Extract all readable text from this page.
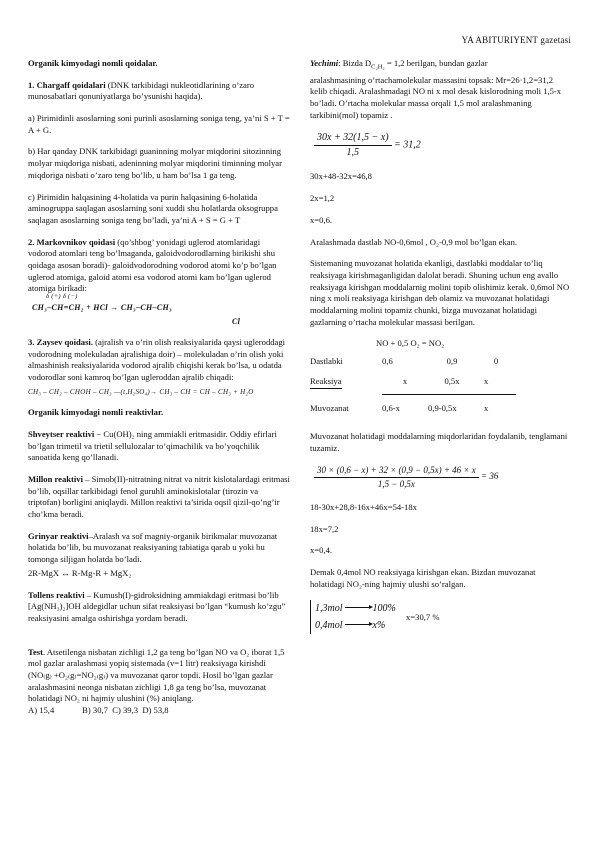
YA ABITURIYENT gazetasi

Organik kimyodagi nomli qoidalar.

1. Chargaff qoidalari (DNK tarkibidagi nukleotidlarining o’zaro munosabatlari qonuniyatlarga bo’ysunishi haqida).

a) Pirimidinli asoslarning soni purinli asoslarning soniga teng, ya’ni S + T = A + G.

b) Har qanday DNK tarkibidagi guaninning molyar miqdorini sitozinning molyar miqdoriga nisbati, adeninning molyar miqdorini timinning molyar miqdoriga nisbati o’zaro teng bo’lib, u ham bo’lsa 1 ga teng.

c) Pirimidin halqasining 4-holatida va purin halqasining 6-holatida aminogruppa saqlagan asoslarning soni xuddi shu holatlarda oksogruppa saqlagan asoslarning soniga teng bo’ladi, ya’ni A + S = G + T

2. Markovnikov qoidasi (qo’shbog’ yonidagi uglerod atomlaridagi vodorod atomlari teng bo’lmaganda, galoidvodorodlarning birikishi shu qoidaga asosan boradi)- galoidvodorodning vodorod atomi ko’p bo’lgan uglerod atomiga, galoid atomi esa vodorod atomi kam bo’lgan uglerod atomiga birikadi:

δ (+) δ (−)
CH₃–CH=CH₂ + HCl → CH₃–CH–CH₃
Cl

3. Zaysev qoidasi. (ajralish va o’rin olish reaksiyalarida qaysi ugleroddagi vodorodning molekuladan ajralishiga doir) – molekuladan o’rin olish yoki almashinish reaksiyalarida vodorod ajralib chiqishi kerak bo’lsa, u odatda vodorodlar soni kamroq bo’lgan ugleroddan ajralib chiqadi:

CH₃ – CH₂ – CHOH – CH₃ —(t,H₂SO₄)→ CH₃ – CH = CH – CH₃ + H₂O

Organik kimyodagi nomli reaktivlar.

Shveytser reaktivi − Cu(OH)₂ ning ammiakli eritmasidir. Oddiy efirlari bo’lgan trimetil va trietil sellulozalar to’qimachilik va bo’yoqchilik sanoatida keng qo’llanadi.

Millon reaktivi – Simob(II)-nitratning nitrat va nitrit kislotalardagi eritmasi bo’lib, oqsillar tarkibidagi fenol guruhli aminokislotalar (tirozin va triptofan) borligini aniqlaydi. Millon reaktivi ta’sirida oqsil qizil-qo’ng’ir cho’kma beradi.

Grinyar reaktivi–Aralash va sof magniy-organik birikmalar muvozanat holatida bo’lib, bu muvozanat reaksiyaning tabiatiga qarab u yoki bu tomonga siljigan holatda bo’ladi.

2R-MgX ↔ R-Mg-R + MgX₂

Tollens reaktivi – Kumush(I)-gidroksidning ammiakdagi eritmasi bo’lib [Ag(NH₃)₂]OH aldegidlar uchun sifat reaksiyasi bo’lgan “kumush ko’zgu” reaksiyasini amalga oshirishga yordam beradi.

Test. Atsetilenga nisbatan zichligi 1,2 ga teng bo’lgan NO va O₂ iborat 1,5 mol gazlar aralashmasi yopiq sistemada (v=1 litr) reaksiyaga kirishdi (NO₍g₎ +O₂₍g₎=NO₂₍g₎) va muvozanat qaror topdi. Hosil bo’lgan gazlar aralashmasini neonga nisbatan zichligi 1,8 ga teng bo’lsa, muvozanat holatidagi NO₂ ni hajmiy ulushini (%) aniqlang.

A) 15,4             B) 30,7  C) 39,3  D) 53,8

Yechimi: Bizda $D_{C_2H_2} = 1,2$ berilgan, bundan gazlar

aralashmasining o’rtachamolekular massasini topsak: Mr=26·1,2=31,2 kelib chiqadi. Aralashmadagi NO ni x mol desak kislorodning moli 1,5-x bo’ladi. O’rtacha molekular massa orqali 1,5 mol aralashmaning tarkibini(mol) topamiz .

$\frac{30x + 32(1,5 - x)}{1,5} = 31,2$

30x+48-32x=46,8

2x=1,2

x=0,6.

Aralashmada dastlab NO-0,6mol , O₂-0,9 mol bo’lgan ekan.

Sistemaning muvozanat holatida ekanligi, dastlabki moddalar to’liq reaksiyaga kirishmaganligidan dalolat beradi. Shuning uchun eng avallo reaksiyaga kirishgan moddalarnig molini topib olishimiz kerak. 0,6mol NO ning x moli reaksiyaga kirishgan deb olamiz va muvozanat holatidagi moddalarning molini topamiz chunki, bizga muvozanat holatidagi gazlarning o’rtacha molekular massasi berilgan.

NO + 0,5 O₂ = NO₂

Dastlabki	0,6	0,9	0
Reaksiya	x	0,5x	x
Muvozanat	0,6-x	0,9-0,5x	x

Muvozanat holatidagi moddalarning miqdorlaridan foydalanib, tenglamani tuzamiz.

$\frac{30 \times (0,6 - x) + 32 \times (0,9 - 0,5x) + 46 \times x}{1,5 - 0,5x} = 36$

18-30x+28,8-16x+46x=54-18x

18x=7,2

x=0,4.

Demak 0,4mol NO reaksiyaga kirishgan ekan. Bizdan muvozanat holatidagi NO₂-ning hajmiy ulushi so’ralgan.

1,3mol	100%
0,4mol	x%
x=30,7 %
